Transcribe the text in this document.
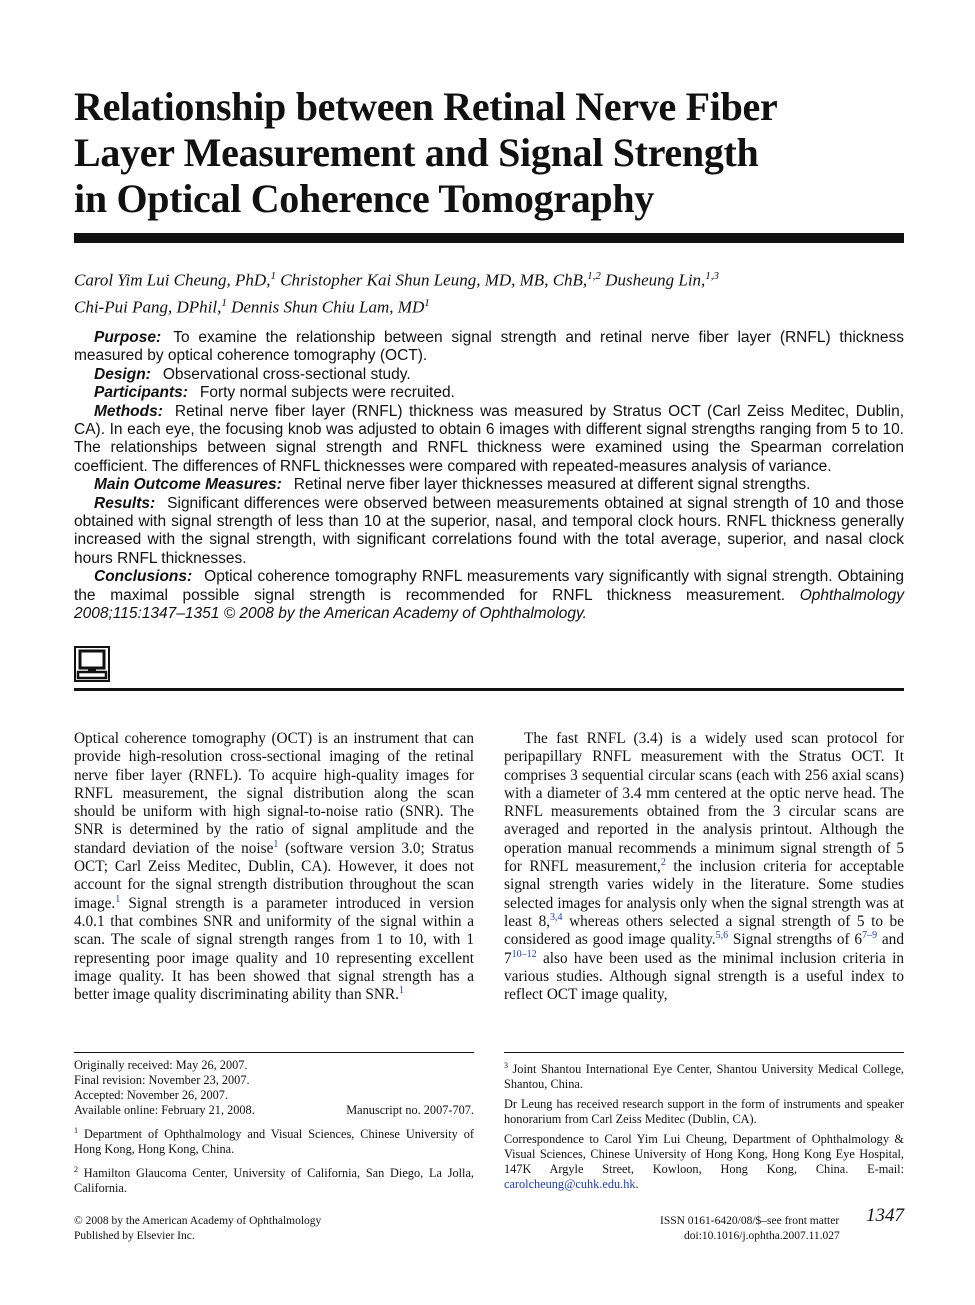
Relationship between Retinal Nerve Fiber
Layer Measurement and Signal Strength
in Optical Coherence Tomography
Carol Yim Lui Cheung, PhD,$^1$ Christopher Kai Shun Leung, MD, MB, ChB,$^{1,2}$ Dusheung Lin,$^{1,3}$
Chi-Pui Pang, DPhil,$^1$ Dennis Shun Chiu Lam, $MD^1$

Purpose: To examine the relationship between signal strength and retinal nerve fiber layer (RNFL) thickness measured by optical coherence tomography (OCT).

Design: Observational cross-sectional study.

Participants: Forty normal subjects were recruited.

Methods: Retinal nerve fiber layer (RNFL) thickness was measured by Stratus OCT (Carl Zeiss Meditec, Dublin, CA). In each eye, the focusing knob was adjusted to obtain 6 images with different signal strengths ranging from 5 to 10. The relationships between signal strength and RNFL thickness were examined using the Spearman correlation coefficient. The differences of RNFL thicknesses were compared with repeated-measures analysis of variance.

Main Outcome Measures: Retinal nerve fiber layer thicknesses measured at different signal strengths.

Results: Significant differences were observed between measurements obtained at signal strength of 10 and those obtained with signal strength of less than 10 at the superior, nasal, and temporal clock hours. RNFL thickness generally increased with the signal strength, with significant correlations found with the total average, superior, and nasal clock hours RNFL thicknesses.

Conclusions: Optical coherence tomography RNFL measurements vary significantly with signal strength. Obtaining the maximal possible signal strength is recommended for RNFL thickness measurement. Ophthalmology 2008;115:1347–1351 © 2008 by the American Academy of Ophthalmology.

Optical coherence tomography (OCT) is an instrument that can provide high-resolution cross-sectional imaging of the retinal nerve fiber layer (RNFL). To acquire high-quality images for RNFL measurement, the signal distribution along the scan should be uniform with high signal-to-noise ratio (SNR). The SNR is determined by the ratio of signal amplitude and the standard deviation of the noise$^1$ (software version 3.0; Stratus OCT; Carl Zeiss Meditec, Dublin, CA). However, it does not account for the signal strength distribution throughout the scan image.$^1$ Signal strength is a parameter introduced in version 4.0.1 that combines SNR and uniformity of the signal within a scan. The scale of signal strength ranges from 1 to 10, with 1 representing poor image quality and 10 representing excellent image quality. It has been showed that signal strength has a better image quality discriminating ability than SNR.$^1$

The fast RNFL (3.4) is a widely used scan protocol for peripapillary RNFL measurement with the Stratus OCT. It comprises 3 sequential circular scans (each with 256 axial scans) with a diameter of 3.4 mm centered at the optic nerve head. The RNFL measurements obtained from the 3 circular scans are averaged and reported in the analysis printout. Although the operation manual recommends a minimum signal strength of 5 for RNFL measurement,$^2$ the inclusion criteria for acceptable signal strength varies widely in the literature. Some studies selected images for analysis only when the signal strength was at least 8,$^{3,4}$ whereas others selected a signal strength of 5 to be considered as good image quality.$^{5,6}$ Signal strengths of 6$^{7-9}$ and 7$^{10-12}$ also have been used as the minimal inclusion criteria in various studies. Although signal strength is a useful index to reflect OCT image quality,

Originally received: May 26, 2007.

Final revision: November 23, 2007.

Accepted: November 26, 2007.

Available online: February 21, 2008.	Manuscript no. 2007-707.

$^1$ Department of Ophthalmology and Visual Sciences, Chinese University of Hong Kong, Hong Kong, China.

$^2$ Hamilton Glaucoma Center, University of California, San Diego, La Jolla, California.

$^3$ Joint Shantou International Eye Center, Shantou University Medical College, Shantou, China.

Dr Leung has received research support in the form of instruments and speaker honorarium from Carl Zeiss Meditec (Dublin, CA).

Correspondence to Carol Yim Lui Cheung, Department of Ophthalmology & Visual Sciences, Chinese University of Hong Kong, Hong Kong Eye Hospital, 147K Argyle Street, Kowloon, Hong Kong, China. E-mail: carolcheung@cuhk.edu.hk.

© 2008 by the American Academy of Ophthalmology
Published by Elsevier Inc.
ISSN 0161-6420/08/$–see front matter
doi:10.1016/j.ophtha.2007.11.027
1347
